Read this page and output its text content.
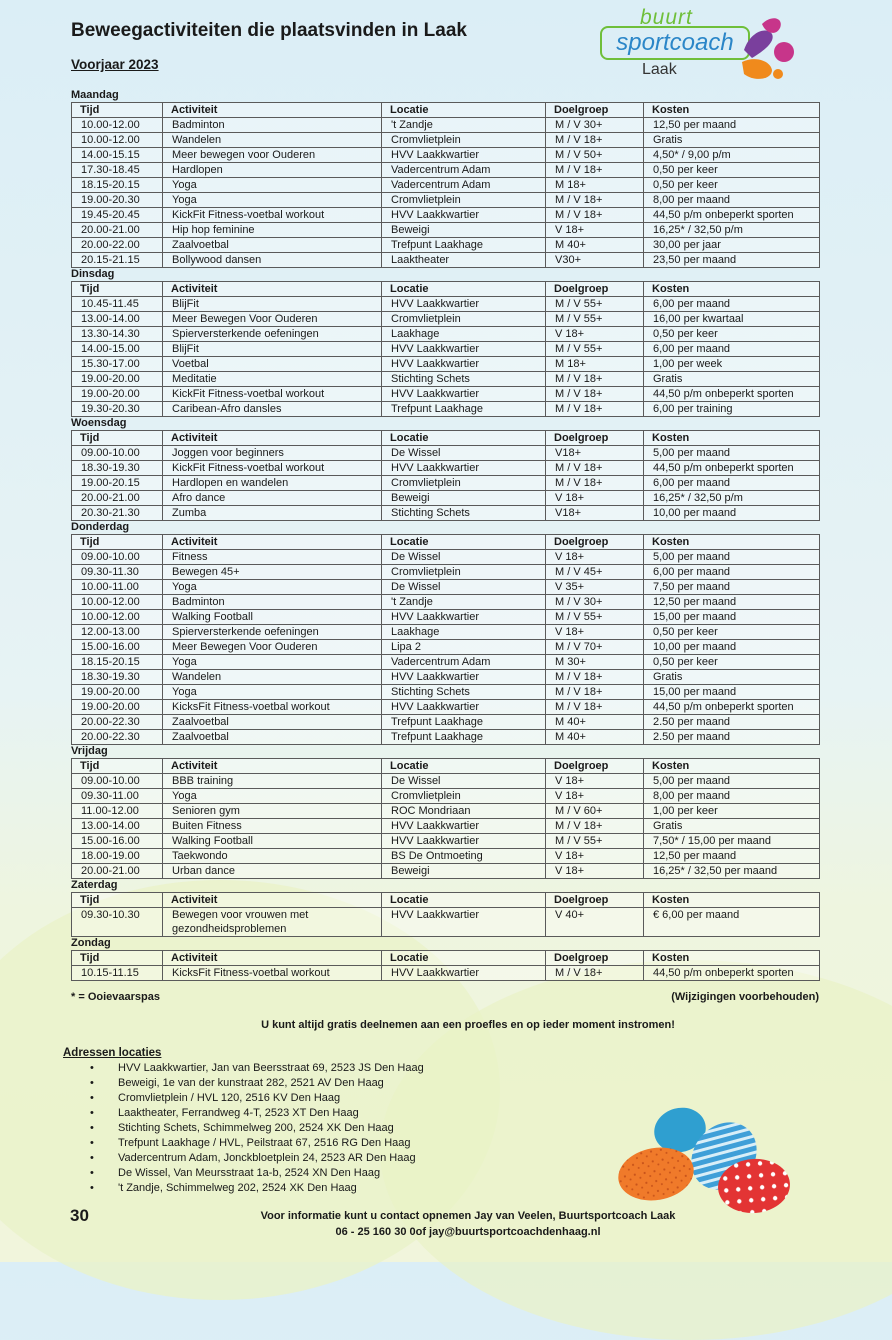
Beweegactiviteiten die plaatsvinden in Laak
Voorjaar 2023
buurt
sportcoach
Laak
Maandag
Tijd	Activiteit	Locatie	Doelgroep	Kosten
10.00-12.00	Badminton	't Zandje	M / V 30+	12,50 per maand
10.00-12.00	Wandelen	Cromvlietplein	M / V 18+	Gratis
14.00-15.15	Meer bewegen voor Ouderen	HVV Laakkwartier	M / V 50+	4,50* / 9,00 p/m
17.30-18.45	Hardlopen	Vadercentrum Adam	M / V 18+	0,50 per keer
18.15-20.15	Yoga	Vadercentrum Adam	M 18+	0,50 per keer
19.00-20.30	Yoga	Cromvlietplein	M / V 18+	8,00 per maand
19.45-20.45	KickFit Fitness-voetbal workout	HVV Laakkwartier	M / V 18+	44,50 p/m onbeperkt sporten
20.00-21.00	Hip hop feminine	Beweigi	V 18+	16,25* / 32,50 p/m
20.00-22.00	Zaalvoetbal	Trefpunt Laakhage	M 40+	30,00 per jaar
20.15-21.15	Bollywood dansen	Laaktheater	V30+	23,50 per maand
Dinsdag
Tijd	Activiteit	Locatie	Doelgroep	Kosten
10.45-11.45	BlijFit	HVV Laakkwartier	M / V 55+	6,00 per maand
13.00-14.00	Meer Bewegen Voor Ouderen	Cromvlietplein	M / V 55+	16,00 per kwartaal
13.30-14.30	Spierversterkende oefeningen	Laakhage	V 18+	0,50 per keer
14.00-15.00	BlijFit	HVV Laakkwartier	M / V 55+	6,00 per maand
15.30-17.00	Voetbal	HVV Laakkwartier	M 18+	1,00 per week
19.00-20.00	Meditatie	Stichting Schets	M / V 18+	Gratis
19.00-20.00	KickFit Fitness-voetbal workout	HVV Laakkwartier	M / V 18+	44,50 p/m onbeperkt sporten
19.30-20.30	Caribean-Afro dansles	Trefpunt Laakhage	M / V 18+	6,00 per training
Woensdag
Tijd	Activiteit	Locatie	Doelgroep	Kosten
09.00-10.00	Joggen voor beginners	De Wissel	V18+	5,00 per maand
18.30-19.30	KickFit Fitness-voetbal workout	HVV Laakkwartier	M / V 18+	44,50 p/m onbeperkt sporten
19.00-20.15	Hardlopen en wandelen	Cromvlietplein	M / V 18+	6,00 per maand
20.00-21.00	Afro dance	Beweigi	V 18+	16,25* / 32,50 p/m
20.30-21.30	Zumba	Stichting Schets	V18+	10,00 per maand
Donderdag
Tijd	Activiteit	Locatie	Doelgroep	Kosten
09.00-10.00	Fitness	De Wissel	V 18+	5,00 per maand
09.30-11.30	Bewegen 45+	Cromvlietplein	M / V 45+	6,00 per maand
10.00-11.00	Yoga	De Wissel	V 35+	7,50 per maand
10.00-12.00	Badminton	't Zandje	M / V 30+	12,50 per maand
10.00-12.00	Walking Football	HVV Laakkwartier	M / V 55+	15,00 per maand
12.00-13.00	Spierversterkende oefeningen	Laakhage	V 18+	0,50 per keer
15.00-16.00	Meer Bewegen Voor Ouderen	Lipa 2	M / V 70+	10,00 per maand
18.15-20.15	Yoga	Vadercentrum Adam	M 30+	0,50 per keer
18.30-19.30	Wandelen	HVV Laakkwartier	M / V 18+	Gratis
19.00-20.00	Yoga	Stichting Schets	M / V 18+	15,00 per maand
19.00-20.00	KicksFit Fitness-voetbal workout	HVV Laakkwartier	M / V 18+	44,50 p/m onbeperkt sporten
20.00-22.30	Zaalvoetbal	Trefpunt Laakhage	M 40+	2.50 per maand
20.00-22.30	Zaalvoetbal	Trefpunt Laakhage	M 40+	2.50 per maand
Vrijdag
Tijd	Activiteit	Locatie	Doelgroep	Kosten
09.00-10.00	BBB training	De Wissel	V 18+	5,00 per maand
09.30-11.00	Yoga	Cromvlietplein	V 18+	8,00 per maand
11.00-12.00	Senioren gym	ROC Mondriaan	M / V 60+	1,00 per keer
13.00-14.00	Buiten Fitness	HVV Laakkwartier	M / V 18+	Gratis
15.00-16.00	Walking Football	HVV Laakkwartier	M / V 55+	7,50* / 15,00 per maand
18.00-19.00	Taekwondo	BS De Ontmoeting	V 18+	12,50 per maand
20.00-21.00	Urban dance	Beweigi	V 18+	16,25* / 32,50 per maand
Zaterdag
Tijd	Activiteit	Locatie	Doelgroep	Kosten
09.30-10.30	Bewegen voor vrouwen met gezondheidsproblemen	HVV Laakkwartier	V 40+	€ 6,00 per maand
Zondag
Tijd	Activiteit	Locatie	Doelgroep	Kosten
10.15-11.15	KicksFit Fitness-voetbal workout	HVV Laakkwartier	M / V 18+	44,50 p/m onbeperkt sporten
* = Ooievaarspas	(Wijzigingen voorbehouden)
U kunt altijd gratis deelnemen aan een proefles en op ieder moment instromen!
Adressen locaties
• HVV Laakkwartier, Jan van Beersstraat 69, 2523 JS Den Haag
• Beweigi, 1e van der kunstraat 282, 2521 AV Den Haag
• Cromvlietplein / HVL 120, 2516 KV Den Haag
• Laaktheater, Ferrandweg 4-T, 2523 XT Den Haag
• Stichting Schets, Schimmelweg 200, 2524 XK Den Haag
• Trefpunt Laakhage / HVL, Peilstraat 67, 2516 RG Den Haag
• Vadercentrum Adam, Jonckbloetplein 24, 2523 AR Den Haag
• De Wissel, Van Meursstraat 1a-b, 2524 XN Den Haag
• 't Zandje, Schimmelweg 202, 2524 XK Den Haag
30	Voor informatie kunt u contact opnemen Jay van Veelen, Buurtsportcoach Laak
06 - 25 160 30 0of jay@buurtsportcoachdenhaag.nl
